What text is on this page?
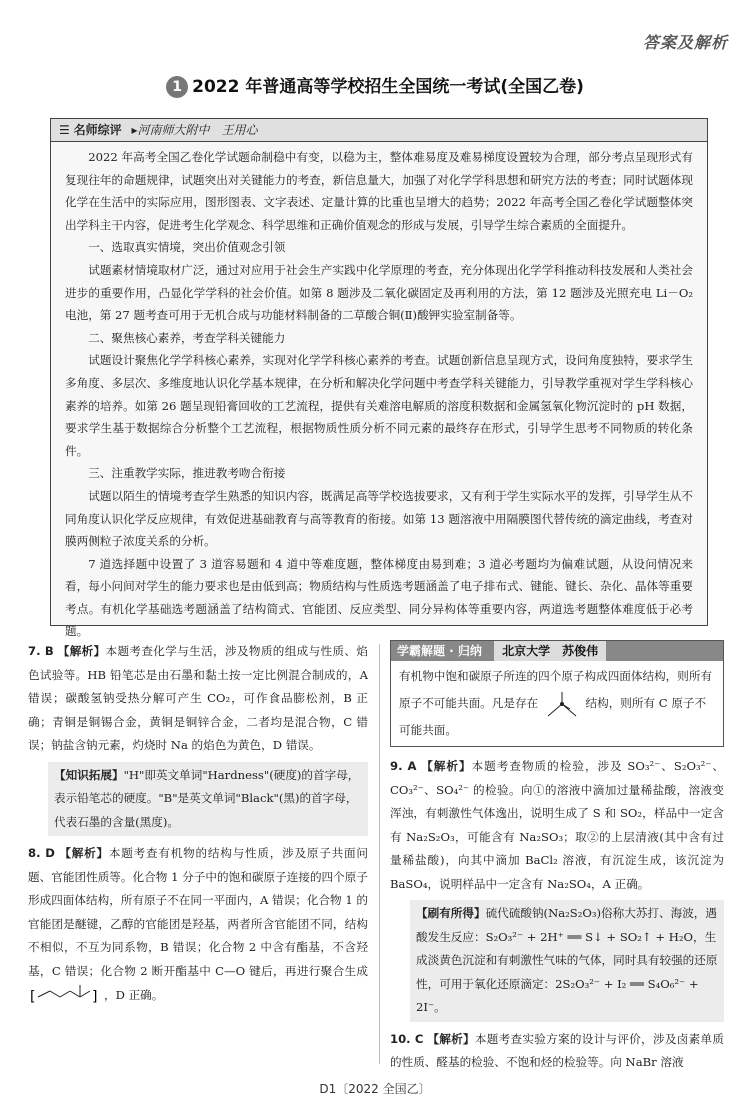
答案及解析
1 2022 年普通高等学校招生全国统一考试(全国乙卷)
☰ 名师综评 ▸河南师大附中　王用心

2022 年高考全国乙卷化学试题命制稳中有变，以稳为主，整体难易度及难易梯度设置较为合理，部分考点呈现形式有复现往年的命题规律，试题突出对关键能力的考查，新信息量大，加强了对化学学科思想和研究方法的考查；同时试题体现化学在生活中的实际应用，图形图表、文字表述、定量计算的比重也呈增大的趋势；2022 年高考全国乙卷化学试题整体突出学科主干内容，促进考生化学观念、科学思维和正确价值观念的形成与发展，引导学生综合素质的全面提升。

一、选取真实情境，突出价值观念引领

试题素材情境取材广泛，通过对应用于社会生产实践中化学原理的考查，充分体现出化学学科推动科技发展和人类社会进步的重要作用，凸显化学学科的社会价值。如第 8 题涉及二氧化碳固定及再利用的方法，第 12 题涉及光照充电 Li－O₂ 电池，第 27 题考查可用于无机合成与功能材料制备的二草酸合铜(Ⅱ)酸钾实验室制备等。

二、聚焦核心素养，考查学科关键能力

试题设计聚焦化学学科核心素养，实现对化学学科核心素养的考查。试题创新信息呈现方式，设问角度独特，要求学生多角度、多层次、多维度地认识化学基本规律，在分析和解决化学问题中考查学科关键能力，引导教学重视对学生学科核心素养的培养。如第 26 题呈现铅膏回收的工艺流程，提供有关难溶电解质的溶度积数据和金属氢氧化物沉淀时的 pH 数据，要求学生基于数据综合分析整个工艺流程，根据物质性质分析不同元素的最终存在形式，引导学生思考不同物质的转化条件。

三、注重教学实际，推进教考吻合衔接

试题以陌生的情境考查学生熟悉的知识内容，既满足高等学校选拔要求，又有利于学生实际水平的发挥，引导学生从不同角度认识化学反应规律，有效促进基础教育与高等教育的衔接。如第 13 题溶液中用隔膜图代替传统的滴定曲线，考查对膜两侧粒子浓度关系的分析。

7 道选择题中设置了 3 道容易题和 4 道中等难度题，整体梯度由易到难；3 道必考题均为偏难试题，从设问情况来看，每小问间对学生的能力要求也是由低到高；物质结构与性质选考题涵盖了电子排布式、键能、键长、杂化、晶体等重要考点。有机化学基础选考题涵盖了结构简式、官能团、反应类型、同分异构体等重要内容，两道选考题整体难度低于必考题。

7. B 【解析】本题考查化学与生活，涉及物质的组成与性质、焰色试验等。HB 铅笔芯是由石墨和黏土按一定比例混合制成的，A 错误；碳酸氢钠受热分解可产生 CO₂，可作食品膨松剂，B 正确；青铜是铜锡合金，黄铜是铜锌合金，二者均是混合物，C 错误；钠盐含钠元素，灼烧时 Na 的焰色为黄色，D 错误。
【知识拓展】"H"即英文单词"Hardness"(硬度)的首字母，表示铅笔芯的硬度。"B"是英文单词"Black"(黑)的首字母，代表石墨的含量(黑度)。
8. D 【解析】本题考查有机物的结构与性质，涉及原子共面问题、官能团性质等。化合物 1 分子中的饱和碳原子连接的四个原子形成四面体结构，所有原子不在同一平面内，A 错误；化合物 1 的官能团是醚键，乙醇的官能团是羟基，两者所含官能团不同，结构不相似，不互为同系物，B 错误；化合物 2 中含有酯基，不含羟基，C 错误；化合物 2 断开酯基中 C—O 键后，再进行聚合生成
[	] ，D 正确。
学霸解题 · 归纳 北京大学　苏俊伟
有机物中饱和碳原子所连的四个原子构成四面体结构，则所有原子不可能共面。凡是存在	结构，则所有 C 原子不可能共面。
9. A 【解析】本题考查物质的检验，涉及 SO₃²⁻、S₂O₃²⁻、CO₃²⁻、SO₄²⁻ 的检验。向①的溶液中滴加过量稀盐酸，溶液变浑浊，有刺激性气体逸出，说明生成了 S 和 SO₂，样品中一定含有 Na₂S₂O₃，可能含有 Na₂SO₃；取②的上层清液(其中含有过量稀盐酸)，向其中滴加 BaCl₂ 溶液，有沉淀生成，该沉淀为 BaSO₄，说明样品中一定含有 Na₂SO₄，A 正确。
【刷有所得】硫代硫酸钠(Na₂S₂O₃)俗称大苏打、海波，遇酸发生反应：S₂O₃²⁻ + 2H⁺ ══ S↓ + SO₂↑ + H₂O，生成淡黄色沉淀和有刺激性气味的气体，同时具有较强的还原性，可用于氧化还原滴定：2S₂O₃²⁻ + I₂ ══ S₄O₆²⁻ + 2I⁻。
10. C 【解析】本题考查实验方案的设计与评价，涉及卤素单质的性质、醛基的检验、不饱和烃的检验等。向 NaBr 溶液
D1〔2022 全国乙〕
